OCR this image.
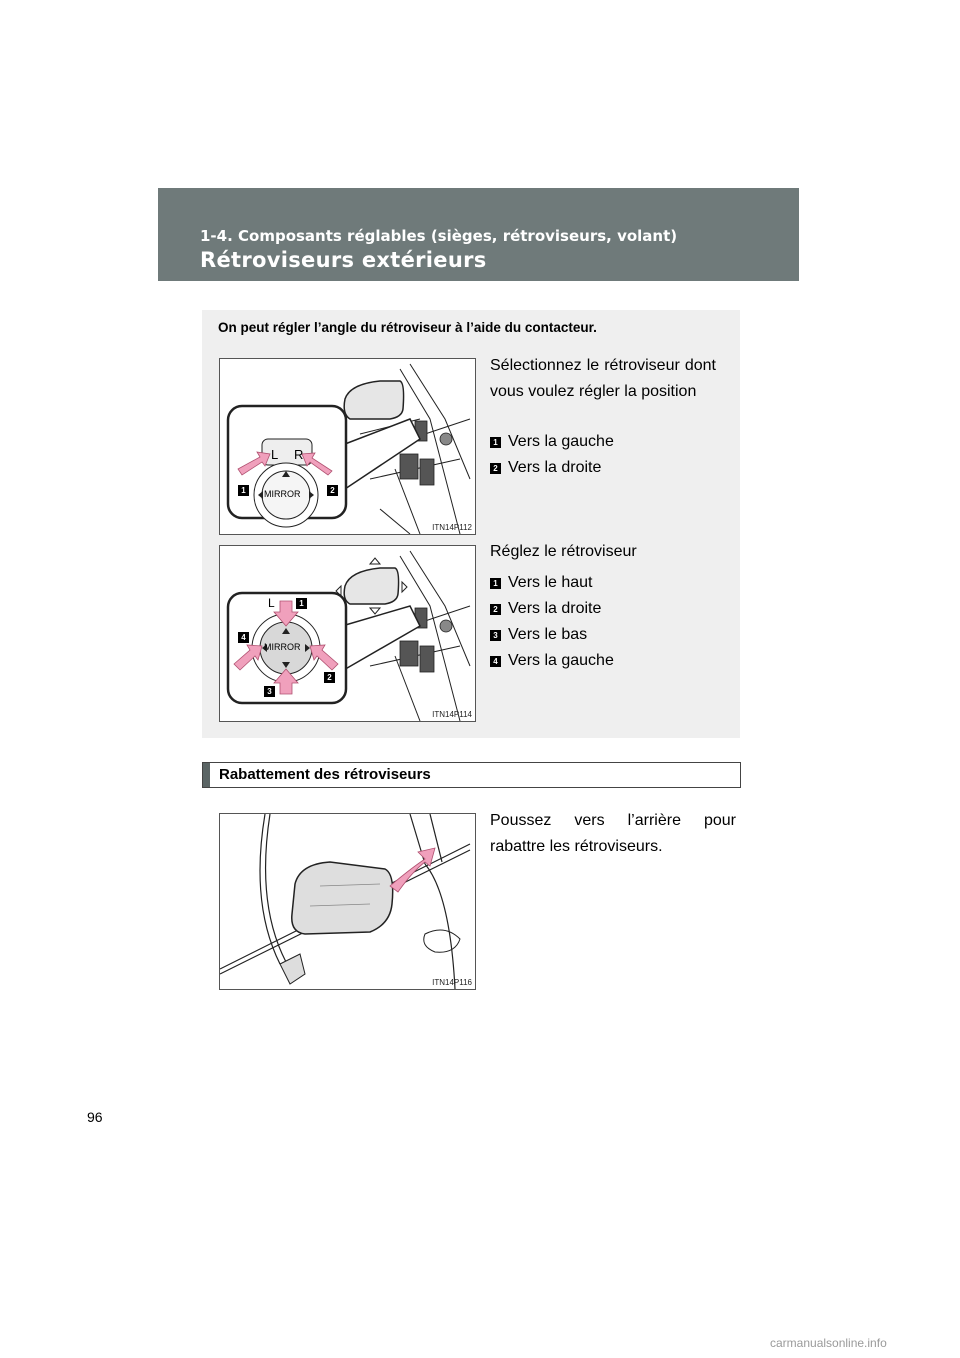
1-4. Composants réglables (sièges, rétroviseurs, volant)
Rétroviseurs extérieurs
On peut régler l’angle du rétroviseur à l’aide du contacteur.
L R
MIRROR
1	2
ITN14P112
Sélectionnez le rétroviseur dont vous voulez régler la position
1 Vers la gauche
2 Vers la droite
L
MIRROR
1
2
3
4
ITN14P114
Réglez le rétroviseur
1 Vers le haut
2 Vers la droite
3 Vers le bas
4 Vers la gauche
Rabattement des rétroviseurs
ITN14P116
Poussez vers l’arrière pour rabattre les rétroviseurs.
96
carmanualsonline.info
